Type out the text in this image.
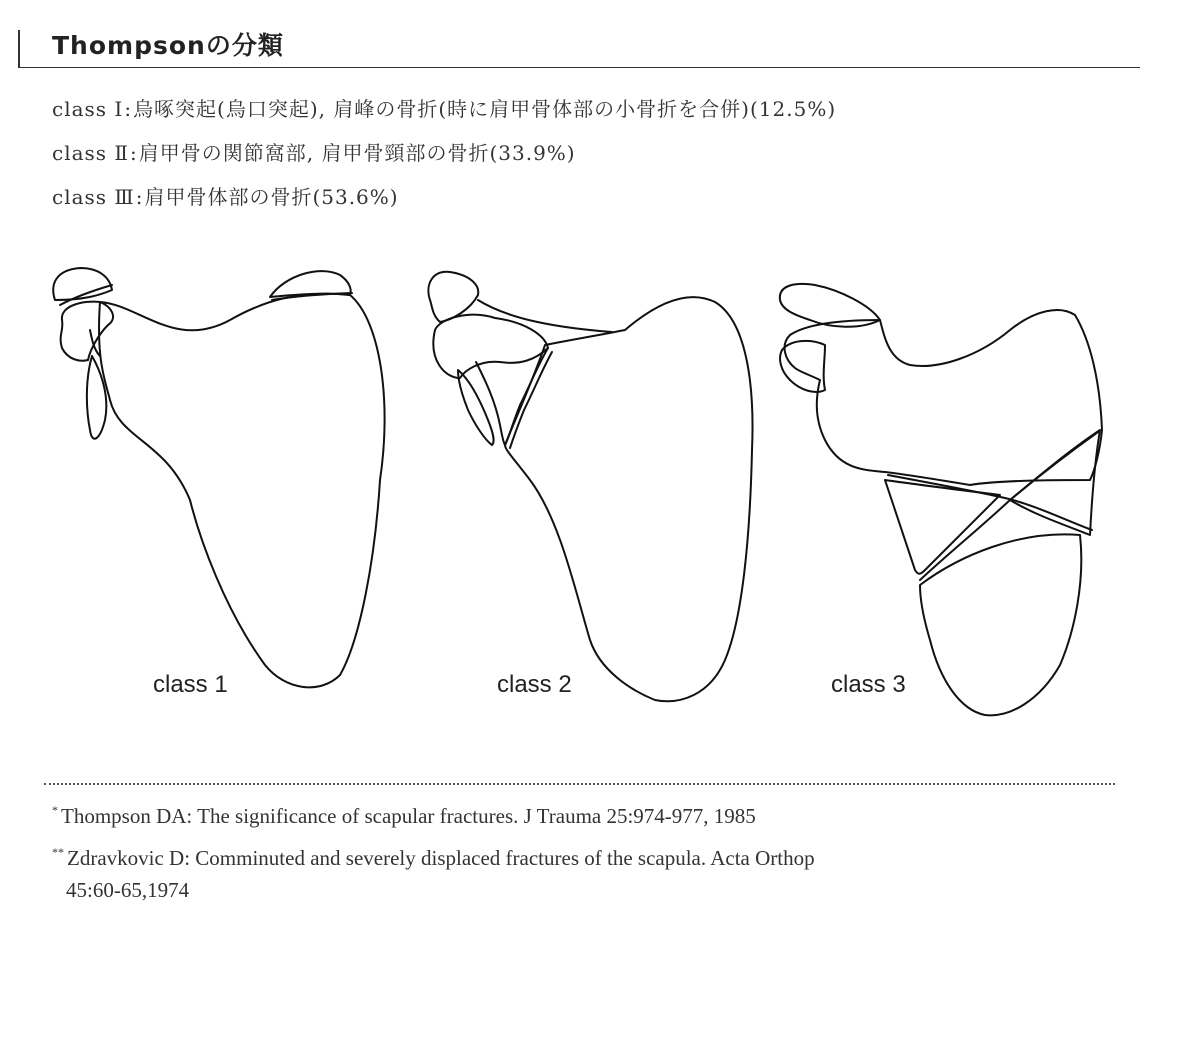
Thompsonの分類
class Ⅰ:烏啄突起(烏口突起), 肩峰の骨折(時に肩甲骨体部の小骨折を合併)(12.5%)
class Ⅱ:肩甲骨の関節窩部, 肩甲骨頸部の骨折(33.9%)
class Ⅲ:肩甲骨体部の骨折(53.6%)
class 1	class 2	class 3
* Thompson DA: The significance of scapular fractures. J Trauma 25:974-977, 1985
** Zdravkovic D: Comminuted and severely displaced fractures of the scapula. Acta Orthop
45:60-65,1974
